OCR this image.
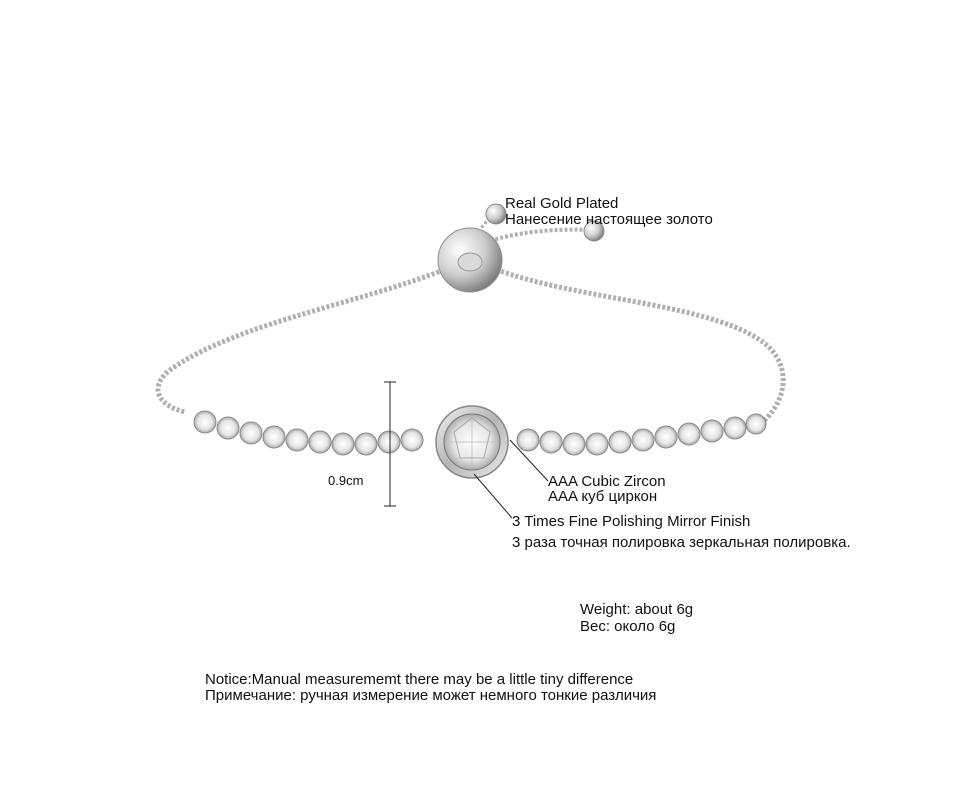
Real Gold Plated
Нанесение настоящее золото
0.9cm	AAA Cubic Zircon
AAA куб циркон
3 Times Fine Polishing Mirror Finish
3 раза точная полировка зеркальная полировка.
Weight: about 6g
Вес: около 6g
Notice:Manual measurememt there may be a little tiny difference
Примечание: ручная измерение может немного тонкие различия
